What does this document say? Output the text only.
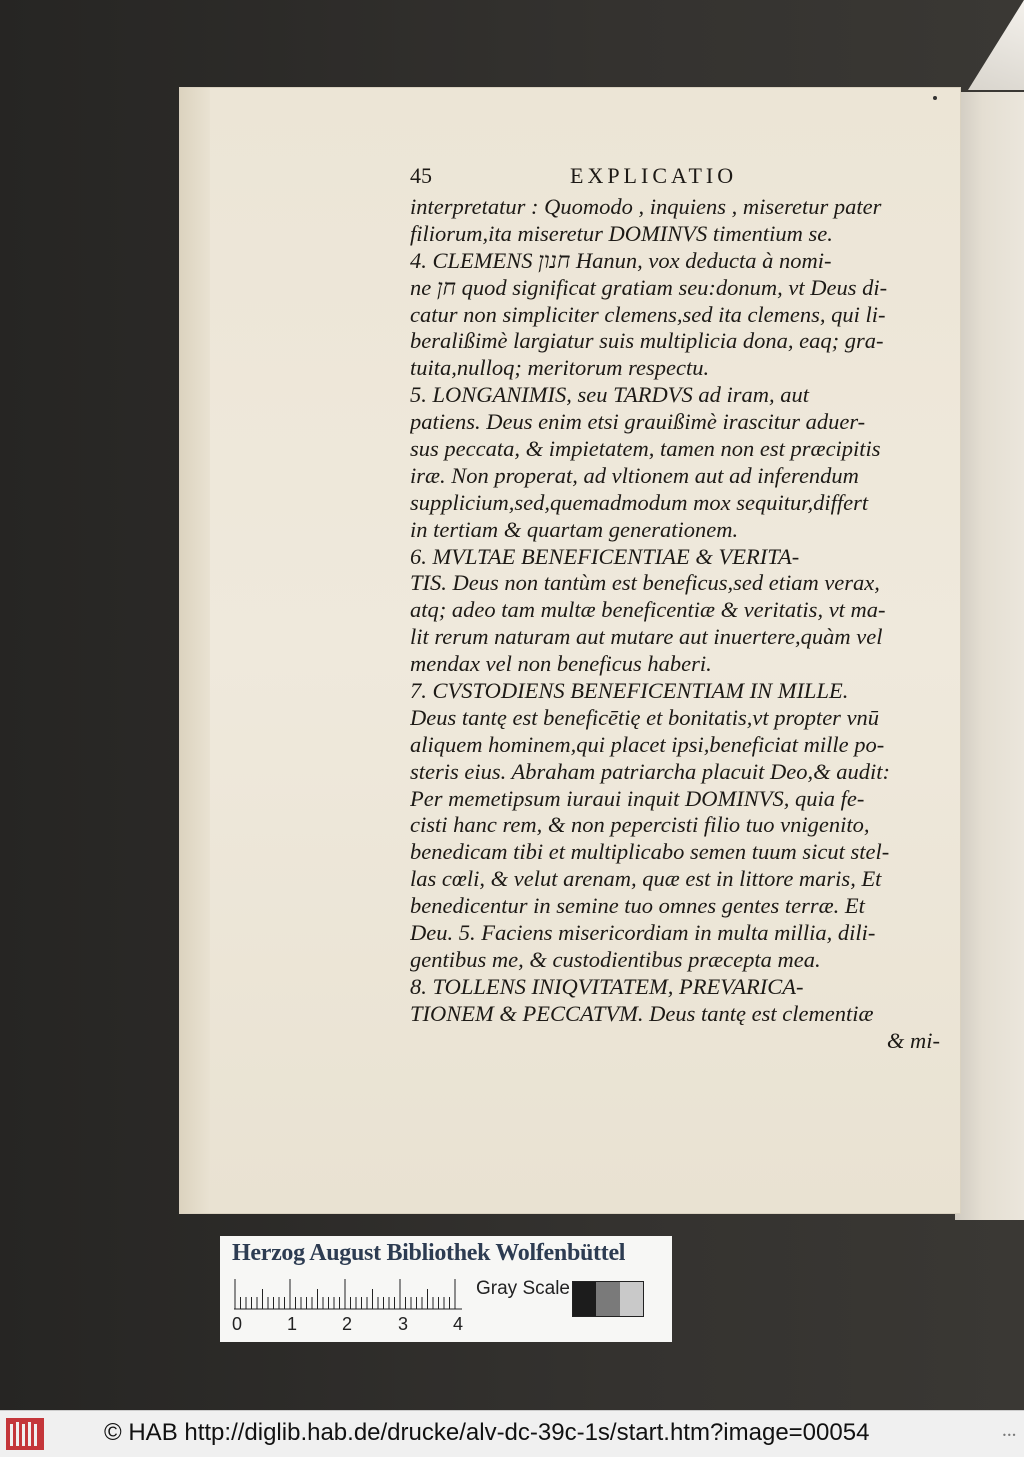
45	EXPLICATIO
interpretatur : Quomodo , inquiens , miseretur pater
filiorum,ita miseretur DOMINVS timentium se.
4. CLEMENS חנון Hanun, vox deducta à nomi-
ne חן quod significat gratiam seu:donum, vt Deus di-
catur non simpliciter clemens,sed ita clemens, qui li-
beralißimè largiatur suis multiplicia dona, eaq; gra-
tuita,nulloq; meritorum respectu.
5. LONGANIMIS, seu TARDVS ad iram, aut
patiens. Deus enim etsi grauißimè irascitur aduer-
sus peccata, & impietatem, tamen non est præcipitis
iræ. Non properat, ad vltionem aut ad inferendum
supplicium,sed,quemadmodum mox sequitur,differt
in tertiam & quartam generationem.
6. MVLTAE BENEFICENTIAE & VERITA-
TIS. Deus non tantùm est beneficus,sed etiam verax,
atq; adeo tam multæ beneficentiæ & veritatis, vt ma-
lit rerum naturam aut mutare aut inuertere,quàm vel
mendax vel non beneficus haberi.
7. CVSTODIENS BENEFICENTIAM IN MILLE.
Deus tantę est beneficētię et bonitatis,vt propter vnū
aliquem hominem,qui placet ipsi,beneficiat mille po-
steris eius. Abraham patriarcha placuit Deo,& audit:
Per memetipsum iuraui inquit DOMINVS, quia fe-
cisti hanc rem, & non pepercisti filio tuo vnigenito,
benedicam tibi et multiplicabo semen tuum sicut stel-
las cœli, & velut arenam, quæ est in littore maris, Et
benedicentur in semine tuo omnes gentes terræ. Et
Deu. 5. Faciens misericordiam in multa millia, dili-
gentibus me, & custodientibus præcepta mea.
8. TOLLENS INIQVITATEM, PREVARICA-
TIONEM & PECCATVM. Deus tantę est clementiæ
& mi-
Herzog August Bibliothek Wolfenbüttel
0 1 2	3 4
Gray Scale
© HAB http://diglib.hab.de/drucke/alv-dc-39c-1s/start.htm?image=00054	•••
